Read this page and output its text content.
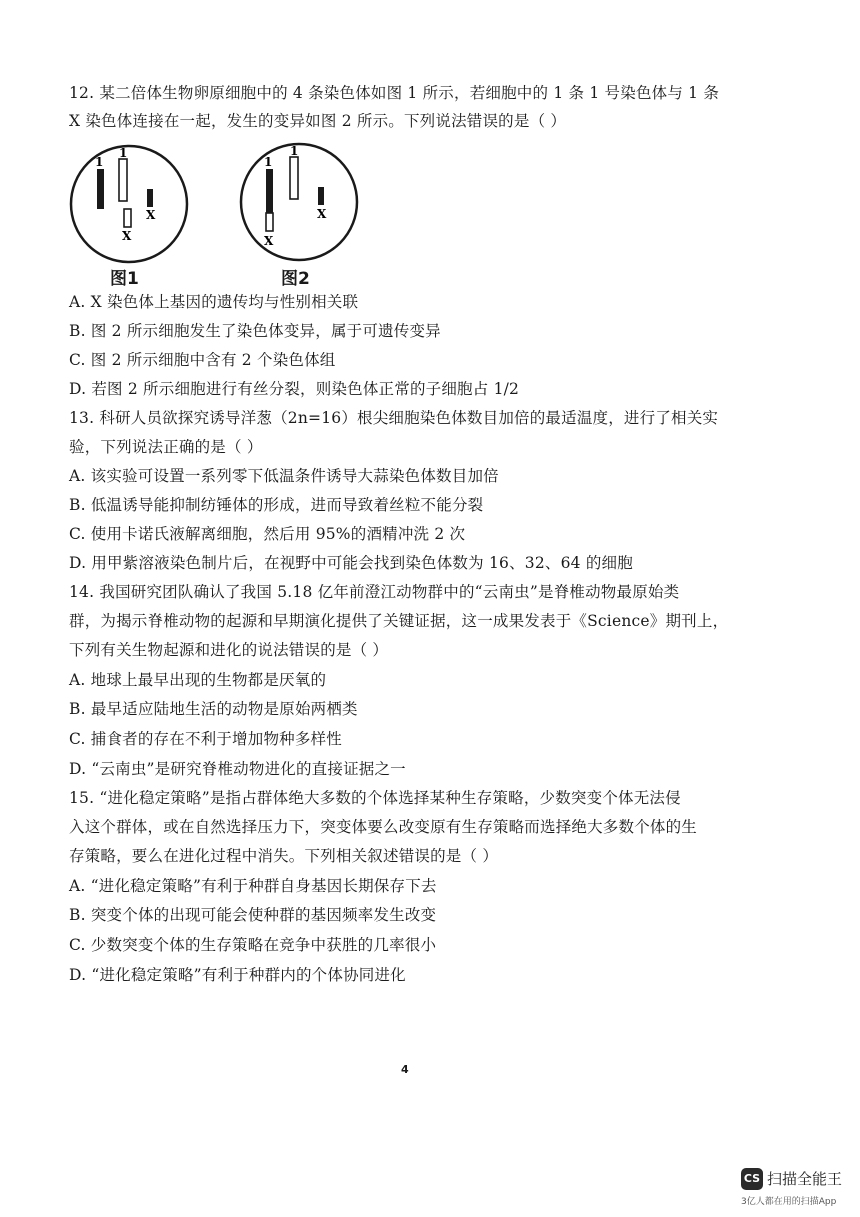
12. 某二倍体生物卵原细胞中的 4 条染色体如图 1 所示，若细胞中的 1 条 1 号染色体与 1 条
X 染色体连接在一起，发生的变异如图 2 所示。下列说法错误的是（ ）
1
1
X
X
图1
1
1
X
X
图2
A. X 染色体上基因的遗传均与性别相关联
B. 图 2 所示细胞发生了染色体变异，属于可遗传变异
C. 图 2 所示细胞中含有 2 个染色体组
D. 若图 2 所示细胞进行有丝分裂，则染色体正常的子细胞占 1/2
13. 科研人员欲探究诱导洋葱（2n=16）根尖细胞染色体数目加倍的最适温度，进行了相关实
验，下列说法正确的是（ ）
A. 该实验可设置一系列零下低温条件诱导大蒜染色体数目加倍
B. 低温诱导能抑制纺锤体的形成，进而导致着丝粒不能分裂
C. 使用卡诺氏液解离细胞，然后用 95%的酒精冲洗 2 次
D. 用甲紫溶液染色制片后，在视野中可能会找到染色体数为 16、32、64 的细胞
14. 我国研究团队确认了我国 5.18 亿年前澄江动物群中的“云南虫”是脊椎动物最原始类
群，为揭示脊椎动物的起源和早期演化提供了关键证据，这一成果发表于《Science》期刊上，
下列有关生物起源和进化的说法错误的是（ ）
A. 地球上最早出现的生物都是厌氧的
B. 最早适应陆地生活的动物是原始两栖类
C. 捕食者的存在不利于增加物种多样性
D. “云南虫”是研究脊椎动物进化的直接证据之一
15. “进化稳定策略”是指占群体绝大多数的个体选择某种生存策略，少数突变个体无法侵
入这个群体，或在自然选择压力下，突变体要么改变原有生存策略而选择绝大多数个体的生
存策略，要么在进化过程中消失。下列相关叙述错误的是（ ）
A. “进化稳定策略”有利于种群自身基因长期保存下去
B. 突变个体的出现可能会使种群的基因频率发生改变
C. 少数突变个体的生存策略在竞争中获胜的几率很小
D. “进化稳定策略”有利于种群内的个体协同进化
4
CS 扫描全能王
3亿人都在用的扫描App
